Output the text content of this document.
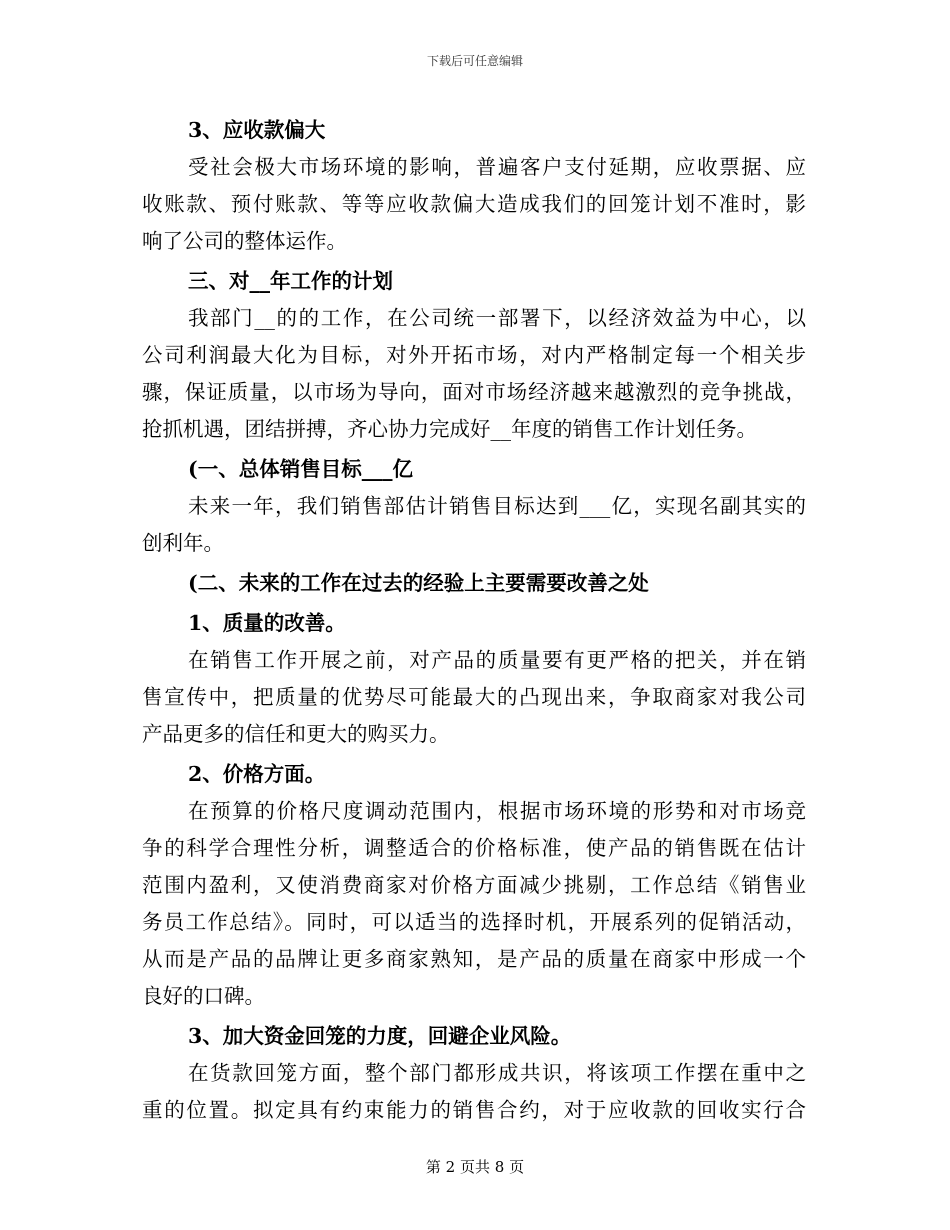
下载后可任意编辑
3、应收款偏大
受社会极大市场环境的影响，普遍客户支付延期，应收票据、应
收账款、预付账款、等等应收款偏大造成我们的回笼计划不准时，影
响了公司的整体运作。
三、对__年工作的计划
我部门__的的工作，在公司统一部署下，以经济效益为中心，以
公司利润最大化为目标，对外开拓市场，对内严格制定每一个相关步
骤，保证质量，以市场为导向，面对市场经济越来越激烈的竞争挑战，
抢抓机遇，团结拼搏，齐心协力完成好__年度的销售工作计划任务。
(一、总体销售目标___亿
未来一年，我们销售部估计销售目标达到___亿，实现名副其实的
创利年。
(二、未来的工作在过去的经验上主要需要改善之处
1、质量的改善。
在销售工作开展之前，对产品的质量要有更严格的把关，并在销
售宣传中，把质量的优势尽可能最大的凸现出来，争取商家对我公司
产品更多的信任和更大的购买力。
2、价格方面。
在预算的价格尺度调动范围内，根据市场环境的形势和对市场竞
争的科学合理性分析，调整适合的价格标准，使产品的销售既在估计
范围内盈利，又使消费商家对价格方面减少挑剔，工作总结《销售业
务员工作总结》。同时，可以适当的选择时机，开展系列的促销活动，
从而是产品的品牌让更多商家熟知，是产品的质量在商家中形成一个
良好的口碑。
3、加大资金回笼的力度，回避企业风险。
在货款回笼方面，整个部门都形成共识，将该项工作摆在重中之
重的位置。拟定具有约束能力的销售合约，对于应收款的回收实行合
第 2 页共 8 页
